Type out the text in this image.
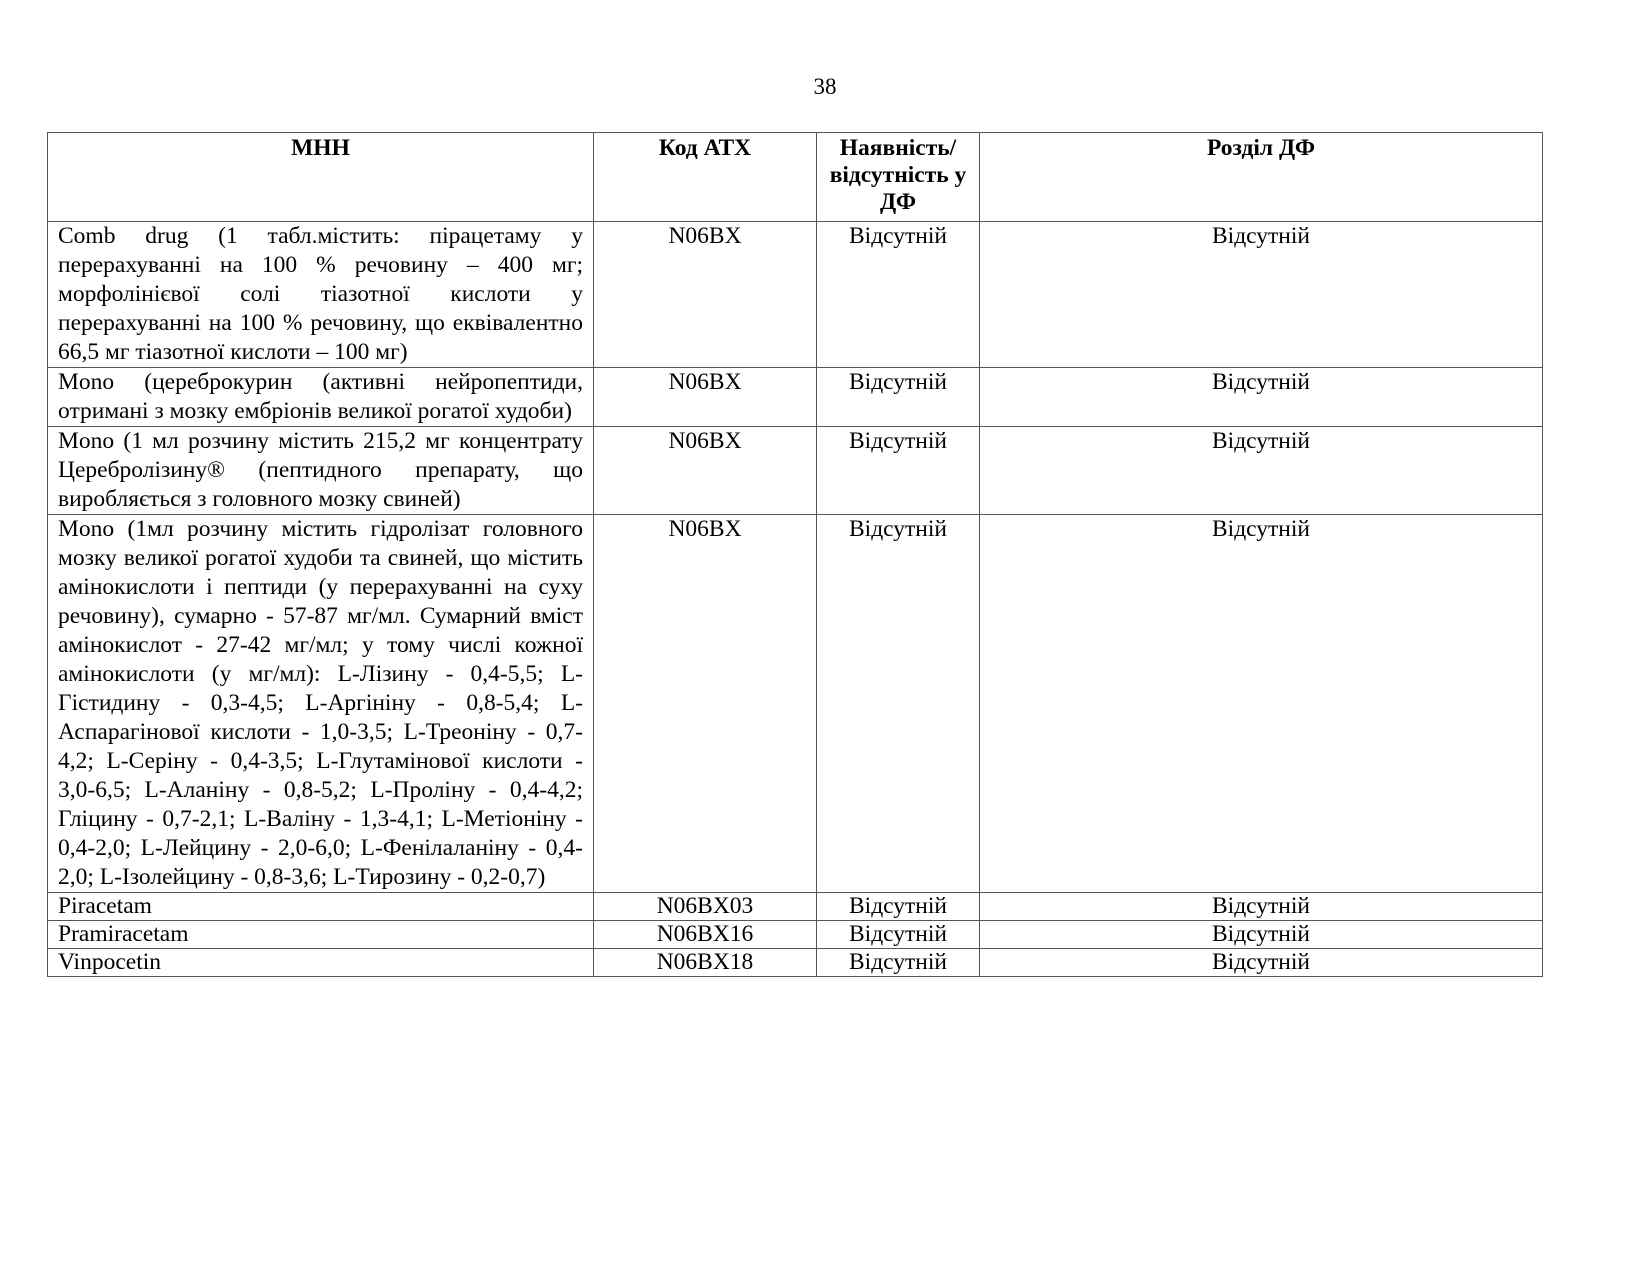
38
МНН	Код АТХ	Наявність/відсутність у ДФ	Розділ ДФ
Comb drug (1 табл.містить: пірацетаму у перерахуванні на 100 % речовину – 400 мг; морфолінієвої солі тіазотної кислоти у перерахуванні на 100 % речовину, що еквівалентно 66,5 мг тіазотної кислоти – 100 мг)	N06BX	Відсутній	Відсутній
Mono (цереброкурин (активні нейропептиди, отримані з мозку ембріонів великої рогатої худоби)	N06BX	Відсутній	Відсутній
Mono (1 мл розчину містить 215,2 мг концентрату Церебролізину® (пептидного препарату, що виробляється з головного мозку свиней)	N06BX	Відсутній	Відсутній
Mono (1мл розчину містить гідролізат головного мозку великої рогатої худоби та свиней, що містить амінокислоти і пептиди (у перерахуванні на суху речовину), сумарно - 57-87 мг/мл. Сумарний вміст амінокислот - 27-42 мг/мл; у тому числі кожної амінокислоти (у мг/мл): L-Лізину - 0,4-5,5; L-Гістидину - 0,3-4,5; L-Аргініну - 0,8-5,4; L-Аспарагінової кислоти - 1,0-3,5; L-Треоніну - 0,7-4,2; L-Серіну - 0,4-3,5; L-Глутамінової кислоти - 3,0-6,5; L-Аланіну - 0,8-5,2; L-Проліну - 0,4-4,2; Гліцину - 0,7-2,1; L-Валіну - 1,3-4,1; L-Метіоніну - 0,4-2,0; L-Лейцину - 2,0-6,0; L-Фенілаланіну - 0,4-2,0; L-Ізолейцину - 0,8-3,6; L-Тирозину - 0,2-0,7)	N06BX	Відсутній	Відсутній
Piracetam	N06BX03	Відсутній	Відсутній
Pramiracetam	N06BX16	Відсутній	Відсутній
Vinpocetin	N06BX18	Відсутній	Відсутній
